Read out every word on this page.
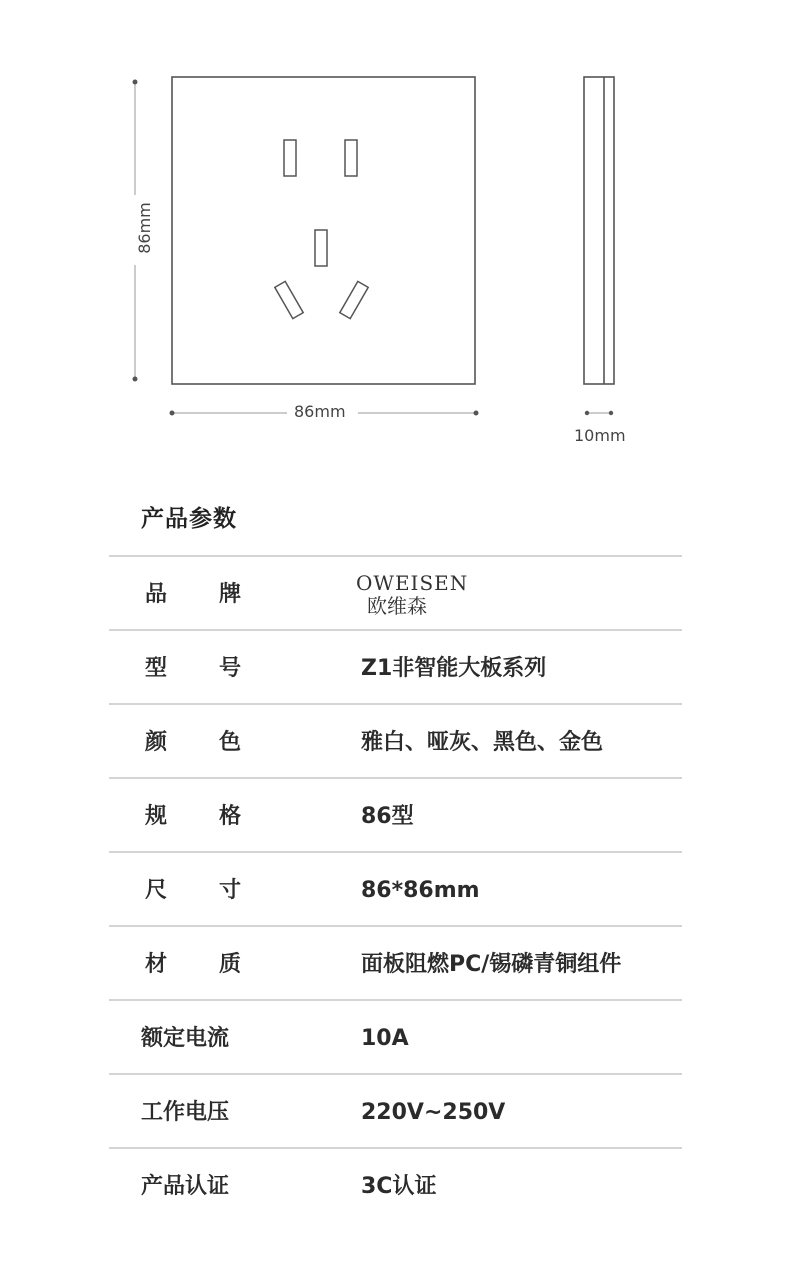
86mm
10mm
86mm
产品参数
品 牌	OWEISEN
欧维森
型 号	Z1非智能大板系列
颜 色	雅白、哑灰、黑色、金色
规 格	86型
尺 寸	86*86mm
材 质	面板阻燃PC/锡磷青铜组件
额定电流	10A
工作电压	220V~250V
产品认证	3C认证
